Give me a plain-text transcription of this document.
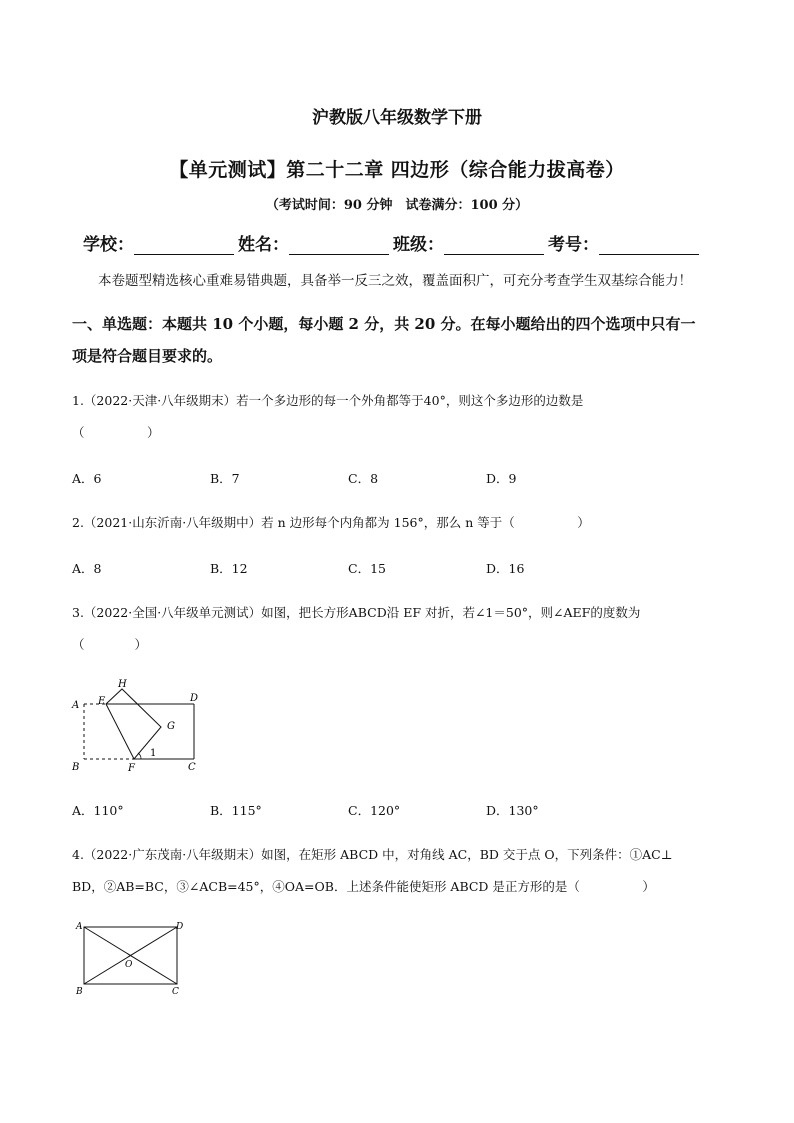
沪教版八年级数学下册
【单元测试】第二十二章 四边形（综合能力拔高卷）
（考试时间：90 分钟　试卷满分：100 分）
学校：	姓名：	班级：	考号：
本卷题型精选核心重难易错典题，具备举一反三之效，覆盖面积广，可充分考查学生双基综合能力！
一、单选题：本题共 10 个小题，每小题 2 分，共 20 分。在每小题给出的四个选项中只有一
项是符合题目要求的。
1.（2022·天津·八年级期末）若一个多边形的每一个外角都等于40°，则这个多边形的边数是
（　　　　　）
A．6	B．7	C．8	D．9
2.（2021·山东沂南·八年级期中）若 n 边形每个内角都为 156°，那么 n 等于（　　　　　）
A．8	B．12	C．15	D．16
3.（2022·全国·八年级单元测试）如图，把长方形ABCD沿 EF 对折，若∠1＝50°，则∠AEF的度数为
（　　　　）
A
B	C
D
E
F
G
H
1
A．110°	B．115°	C．120°	D．130°
4.（2022·广东茂南·八年级期末）如图，在矩形 ABCD 中，对角线 AC，BD 交于点 O，下列条件：①AC⊥
BD，②AB=BC，③∠ACB=45°，④OA=OB．上述条件能使矩形 ABCD 是正方形的是（　　　　　）
A
B	C
D
O
